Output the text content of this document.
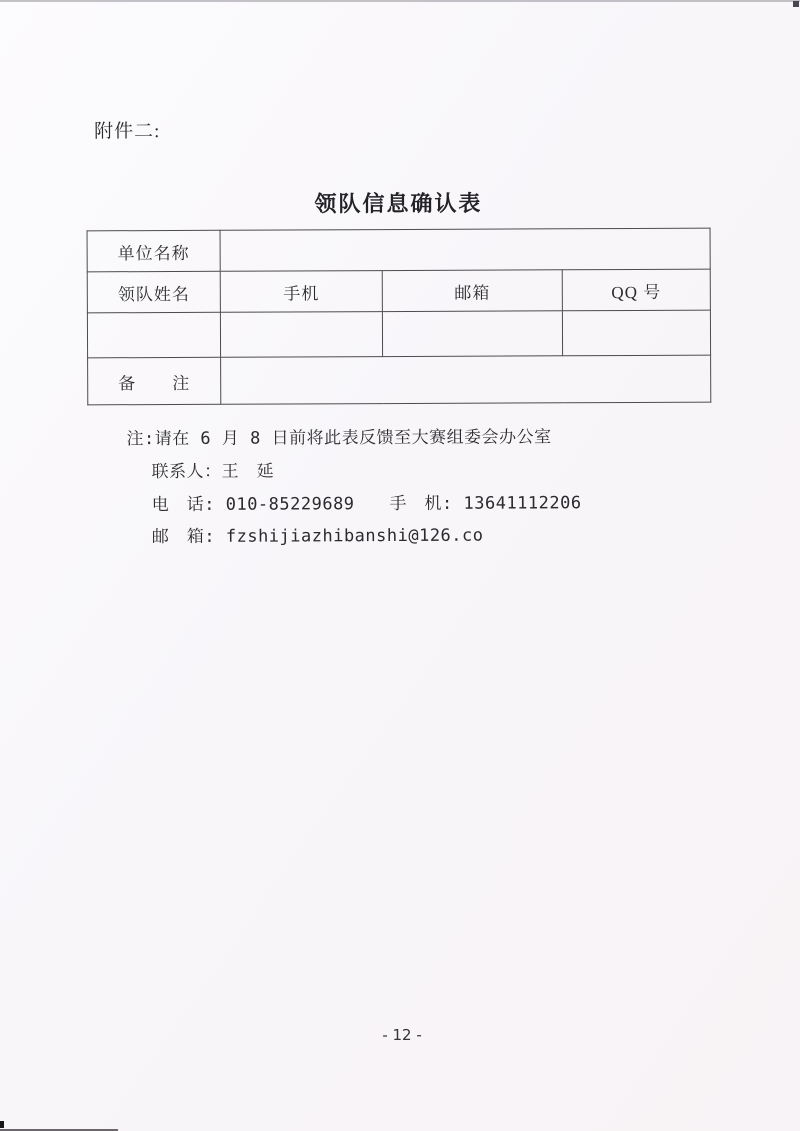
附件二:
领队信息确认表
单位名称			
领队姓名	手机	邮箱	QQ 号

备　　注			
注:请在 6 月 8 日前将此表反馈至大赛组委会办公室
联系人：王　延
电　话: 010-85229689　　手　机: 13641112206
邮　箱: fzshijiazhibanshi@126.co
- 12 -
